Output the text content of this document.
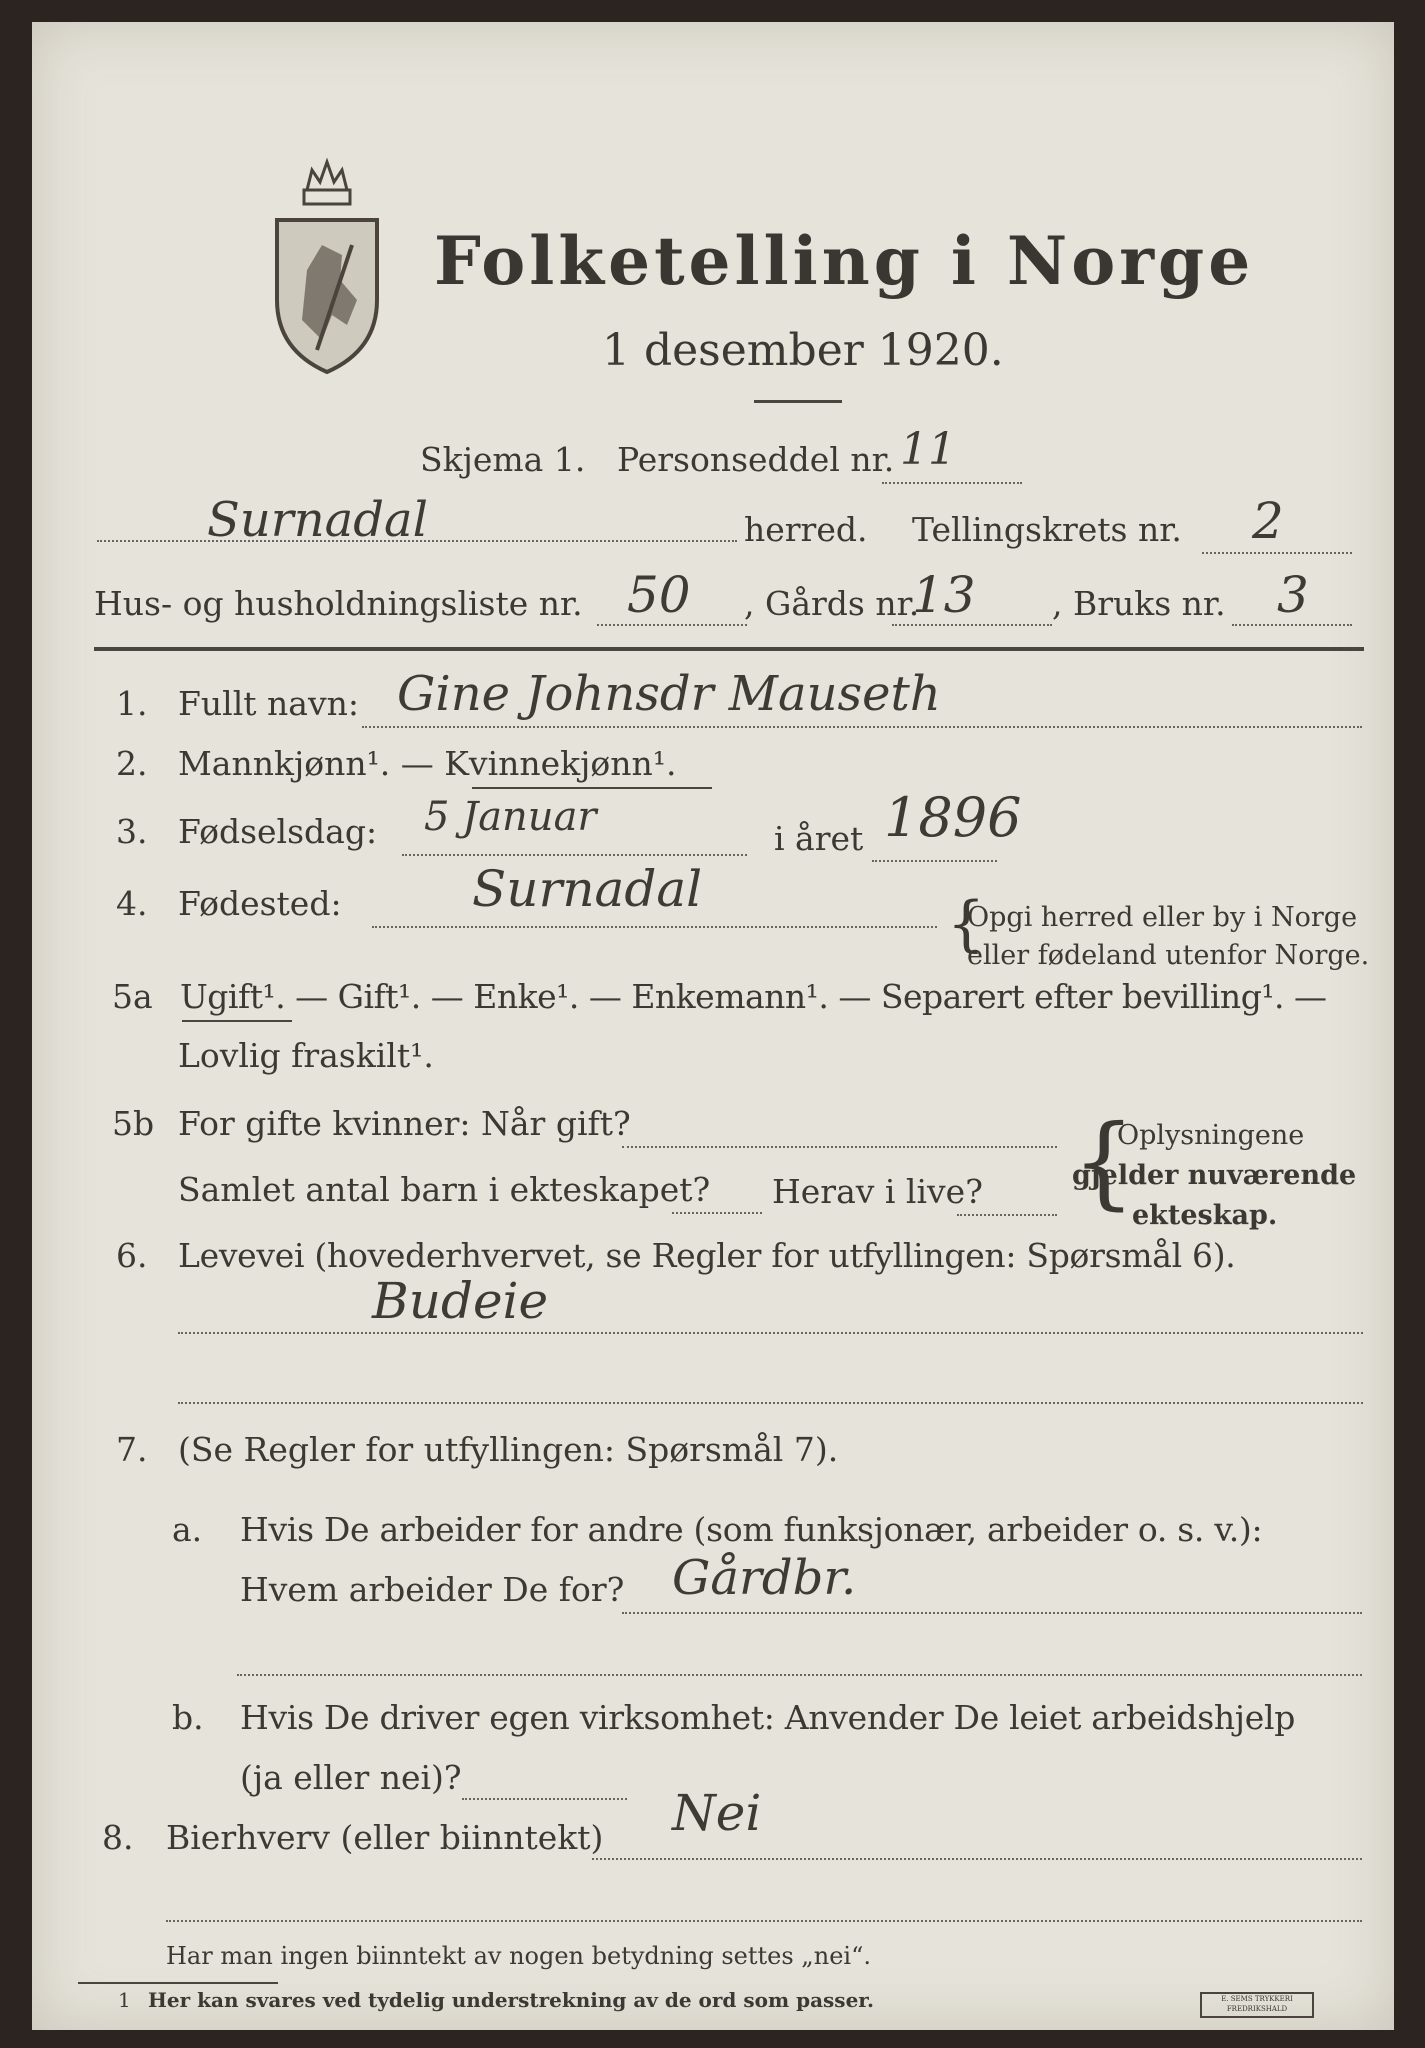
Folketelling i Norge
1 desember 1920.
Skjema 1. Personseddel nr. 11
Surnadal	herred. Tellingskrets nr. 2
Hus- og husholdningsliste nr. 50 , Gårds nr.
13 , Bruks nr. 3
1. Fullt navn: Gine Johnsdr Mauseth
2. Mannkjønn¹. — Kvinnekjønn¹.
3. Fødselsdag: 5 Januar	i året 1896
4. Fødested:	Surnadal	{
Opgi herred eller by i Norge
eller fødeland utenfor Norge.
5a Ugift¹. — Gift¹. — Enke¹. — Enkemann¹. — Separert efter bevilling¹. —
Lovlig fraskilt¹.
5b For gifte kvinner: Når gift?
Samlet antal barn i ekteskapet? Herav i live? {
Oplysningene
gjelder nuværende
ekteskap.
6. Levevei (hovederhvervet, se Regler for utfyllingen: Spørsmål 6).
Budeie
7. (Se Regler for utfyllingen: Spørsmål 7).
a. Hvis De arbeider for andre (som funksjonær, arbeider o. s. v.):
Hvem arbeider De for? Gårdbr.
b. Hvis De driver egen virksomhet: Anvender De leiet arbeidshjelp
(ja eller nei)?
8. Bierhverv (eller biinntekt) Nei
Har man ingen biinntekt av nogen betydning settes „nei“.
1 Her kan svares ved tydelig understrekning av de ord som passer.	E. SEMS TRYKKERI FREDRIKSHALD
